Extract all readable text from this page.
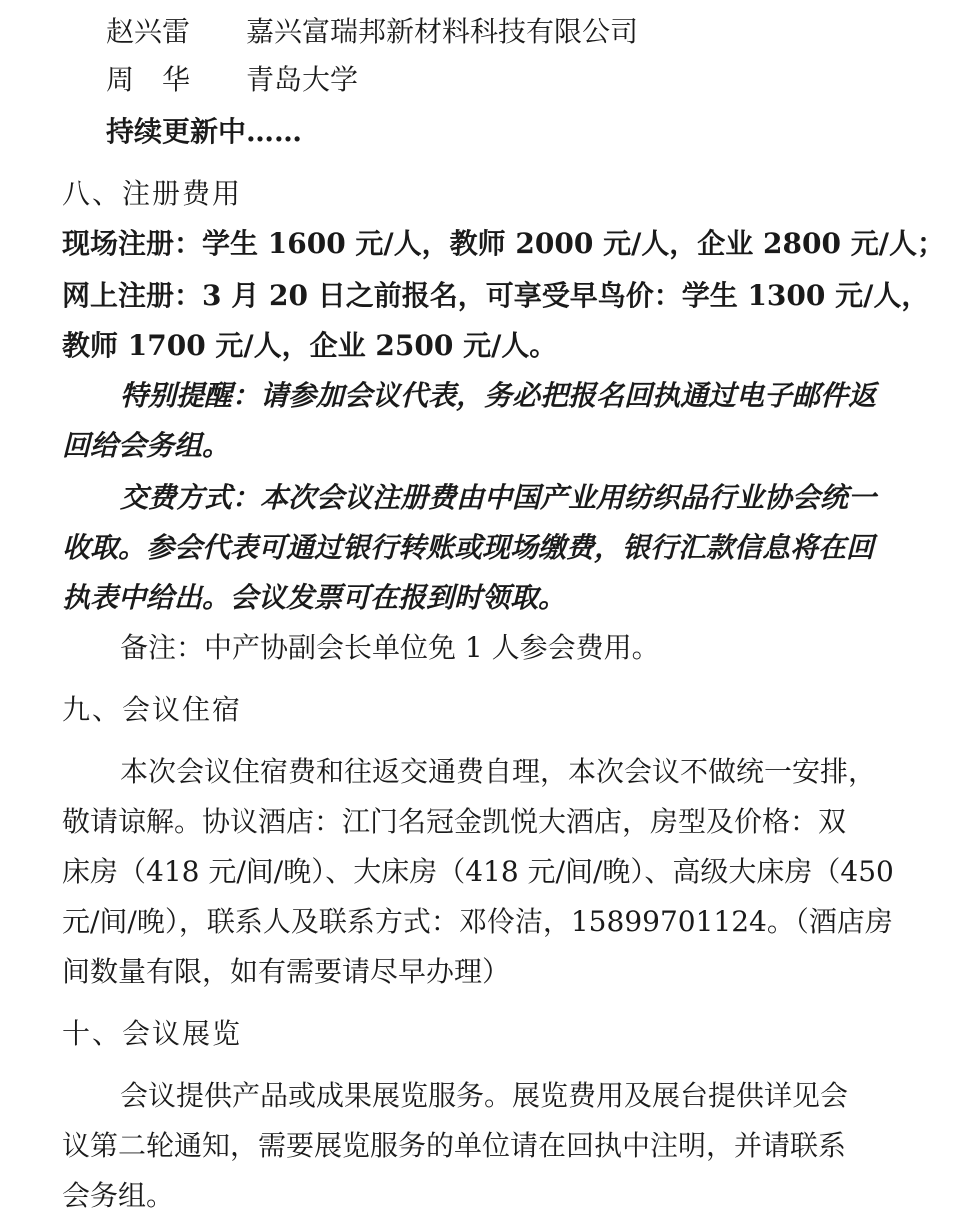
赵兴雷 嘉兴富瑞邦新材料科技有限公司
周　华 青岛大学
持续更新中……
八、注册费用
现场注册：学生 1600 元/人，教师 2000 元/人，企业 2800 元/人；
网上注册：3 月 20 日之前报名，可享受早鸟价：学生 1300 元/人，
教师 1700 元/人，企业 2500 元/人。
特别提醒：请参加会议代表，务必把报名回执通过电子邮件返
回给会务组。
交费方式：本次会议注册费由中国产业用纺织品行业协会统一
收取。参会代表可通过银行转账或现场缴费，银行汇款信息将在回
执表中给出。会议发票可在报到时领取。
备注：中产协副会长单位免 1 人参会费用。
九、会议住宿
本次会议住宿费和往返交通费自理，本次会议不做统一安排，
敬请谅解。协议酒店：江门名冠金凯悦大酒店，房型及价格：双
床房（418 元/间/晚）、大床房（418 元/间/晚）、高级大床房（450
元/间/晚），联系人及联系方式：邓伶洁，15899701124。（酒店房
间数量有限，如有需要请尽早办理）
十、会议展览
会议提供产品或成果展览服务。展览费用及展台提供详见会
议第二轮通知，需要展览服务的单位请在回执中注明，并请联系
会务组。
